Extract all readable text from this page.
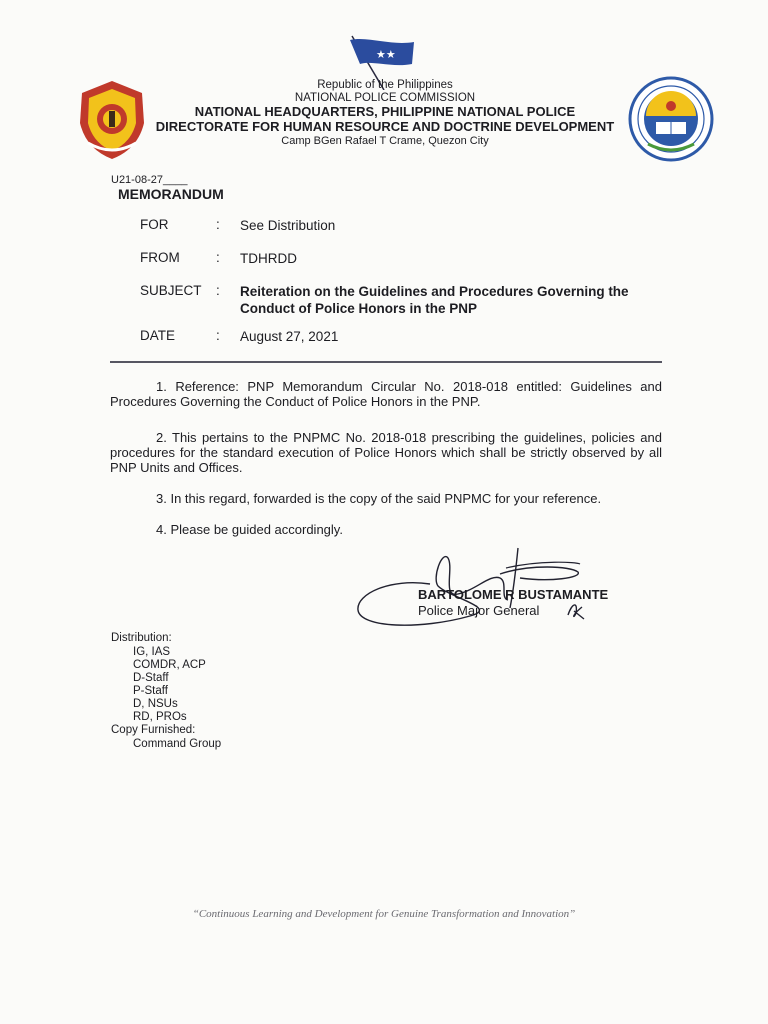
★★
Republic of the Philippines
NATIONAL POLICE COMMISSION
NATIONAL HEADQUARTERS, PHILIPPINE NATIONAL POLICE
DIRECTORATE FOR HUMAN RESOURCE AND DOCTRINE DEVELOPMENT
Camp BGen Rafael T Crame, Quezon City
U21-08-27____
MEMORANDUM
FOR	: See Distribution
FROM	: TDHRDD
SUBJECT	: Reiteration on the Guidelines and Procedures Governing the Conduct of Police Honors in the PNP
DATE	: August 27, 2021
1. Reference: PNP Memorandum Circular No. 2018-018 entitled: Guidelines and Procedures Governing the Conduct of Police Honors in the PNP.
2. This pertains to the PNPMC No. 2018-018 prescribing the guidelines, policies and procedures for the standard execution of Police Honors which shall be strictly observed by all PNP Units and Offices.
3. In this regard, forwarded is the copy of the said PNPMC for your reference.
4. Please be guided accordingly.
BARTOLOME R BUSTAMANTE
Police Major General
Distribution:
IG, IAS
COMDR, ACP
D-Staff
P-Staff
D, NSUs
RD, PROs
Copy Furnished:
Command Group
“Continuous Learning and Development for Genuine Transformation and Innovation”
